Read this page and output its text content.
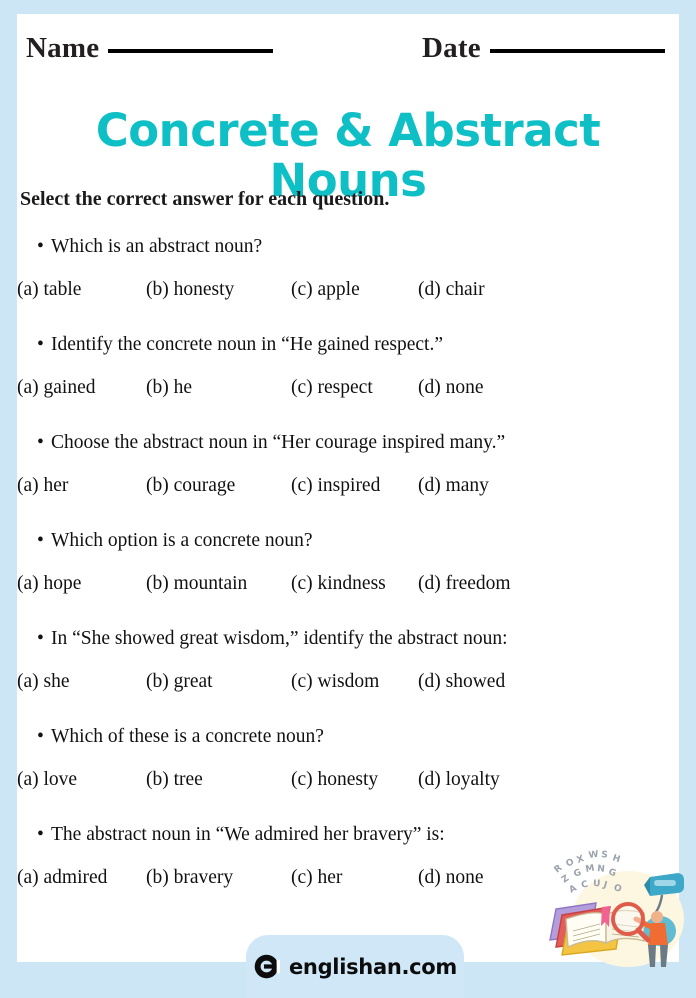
Name	Date
Concrete & Abstract Nouns
Select the correct answer for each question.
• Which is an abstract noun?
(a) table	(b) honesty	(c) apple	(d) chair
• Identify the concrete noun in “He gained respect.”
(a) gained	(b) he	(c) respect (d) none
• Choose the abstract noun in “Her courage inspired many.”
(a) her	(b) courage	(c) inspired (d) many
• Which option is a concrete noun?
(a) hope	(b) mountain (c) kindness (d) freedom
• In “She showed great wisdom,” identify the abstract noun:
(a) she	(b) great	(c) wisdom (d) showed
• Which of these is a concrete noun?
(a) love	(b) tree	(c) honesty (d) loyalty
• The abstract noun in “We admired her bravery” is:
(a) admired (b) bravery	(c) her	(d) none	R O X W S H
Z G M N G
A C U J O
englishan.com
